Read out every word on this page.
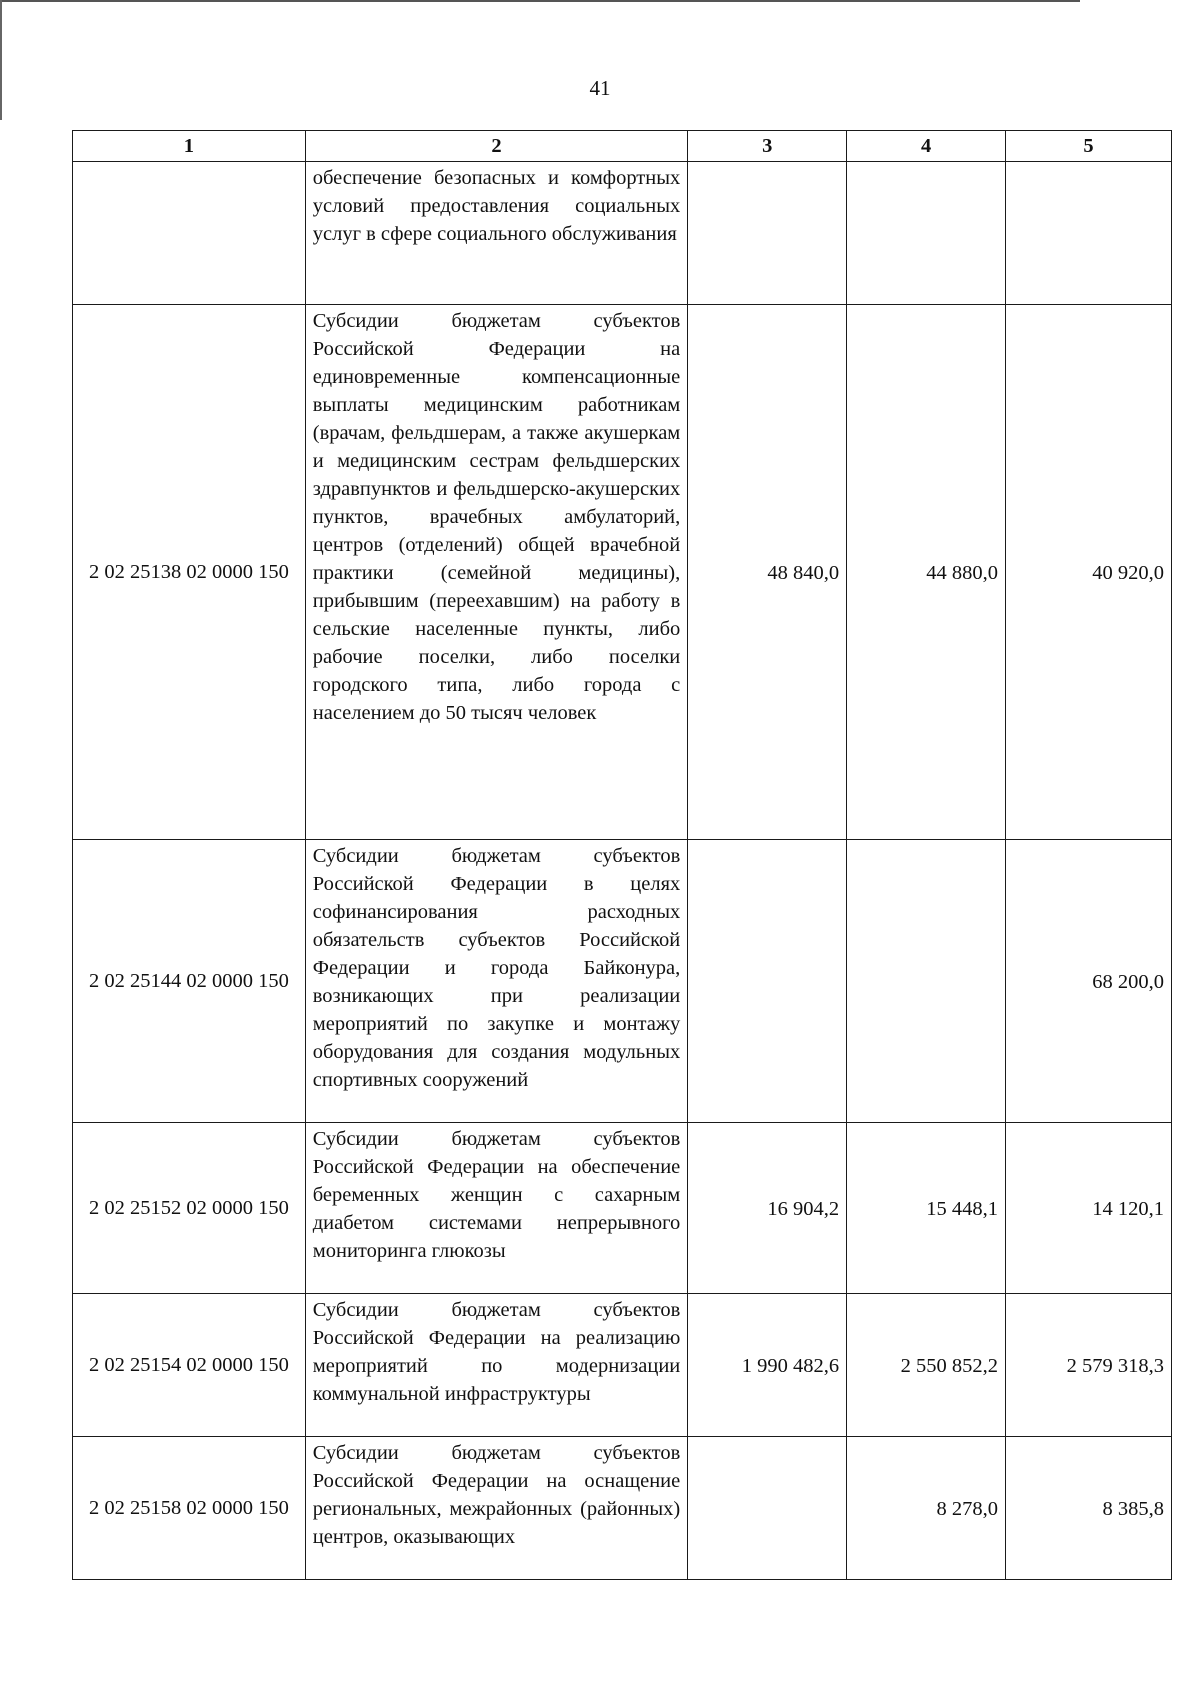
41
1	2	3	4	5
	обеспечение безопасных и комфортных условий предоставления социальных услуг в сфере социального обслуживания			
2 02 25138 02 0000 150	Субсидии бюджетам субъектов Российской Федерации на единовременные компенсационные выплаты медицинским работникам (врачам, фельдшерам, а также акушеркам и медицинским сестрам фельдшерских здравпунктов и фельдшерско-акушерских пунктов, врачебных амбулаторий, центров (отделений) общей врачебной практики (семейной медицины), прибывшим (переехавшим) на работу в сельские населенные пункты, либо рабочие поселки, либо поселки городского типа, либо города с населением до 50 тысяч человек	48 840,0	44 880,0	40 920,0
2 02 25144 02 0000 150	Субсидии бюджетам субъектов Российской Федерации в целях софинансирования расходных обязательств субъектов Российской Федерации и города Байконура, возникающих при реализации мероприятий по закупке и монтажу оборудования для создания модульных спортивных сооружений			68 200,0
2 02 25152 02 0000 150	Субсидии бюджетам субъектов Российской Федерации на обеспечение беременных женщин с сахарным диабетом системами непрерывного мониторинга глюкозы	16 904,2	15 448,1	14 120,1
2 02 25154 02 0000 150	Субсидии бюджетам субъектов Российской Федерации на реализацию мероприятий по модернизации коммунальной инфраструктуры	1 990 482,6	2 550 852,2	2 579 318,3
2 02 25158 02 0000 150	Субсидии бюджетам субъектов Российской Федерации на оснащение региональных, межрайонных (районных) центров, оказывающих		8 278,0	8 385,8
